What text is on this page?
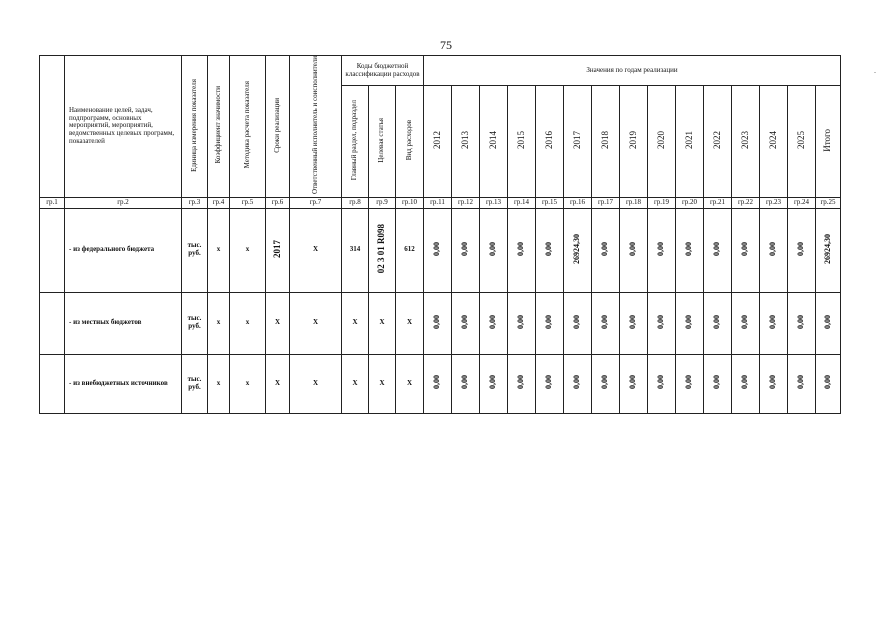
75
-
	Наименование целей, задач, подпрограмм, основных мероприятий, мероприятий, ведомственных целевых программ, показателей	Единица измерения показателя	Коэффициент значимости	Методика расчета показателя	Сроки реализации	Ответственный исполнитель и соисполнители	Коды бюджетной классификации расходов			Значения по годам реализации														
							Главный раздел, подраздел	Целевая статья	Вид расходов	2012	2013	2014	2015	2016	2017	2018	2019	2020	2021	2022	2023	2024	2025	Итого
гр.1	гр.2	гр.3	гр.4	гр.5	гр.6	гр.7	гр.8	гр.9	гр.10	гр.11	гр.12	гр.13	гр.14	гр.15	гр.16	гр.17	гр.18	гр.19	гр.20	гр.21	гр.22	гр.23	гр.24	гр.25
	- из федерального бюджета	тыс. руб.	х	х	2017	Х	314	02 3 01 R098	612	0,00	0,00	0,00	0,00	0,00	26924,30	0,00	0,00	0,00	0,00	0,00	0,00	0,00	0,00	26924,30
	- из местных бюджетов	тыс. руб.	х	х	Х	Х	Х	Х	Х	0,00	0,00	0,00	0,00	0,00	0,00	0,00	0,00	0,00	0,00	0,00	0,00	0,00	0,00	0,00
	- из внебюджетных источников	тыс. руб.	х	х	Х	Х	Х	Х	Х	0,00	0,00	0,00	0,00	0,00	0,00	0,00	0,00	0,00	0,00	0,00	0,00	0,00	0,00	0,00
